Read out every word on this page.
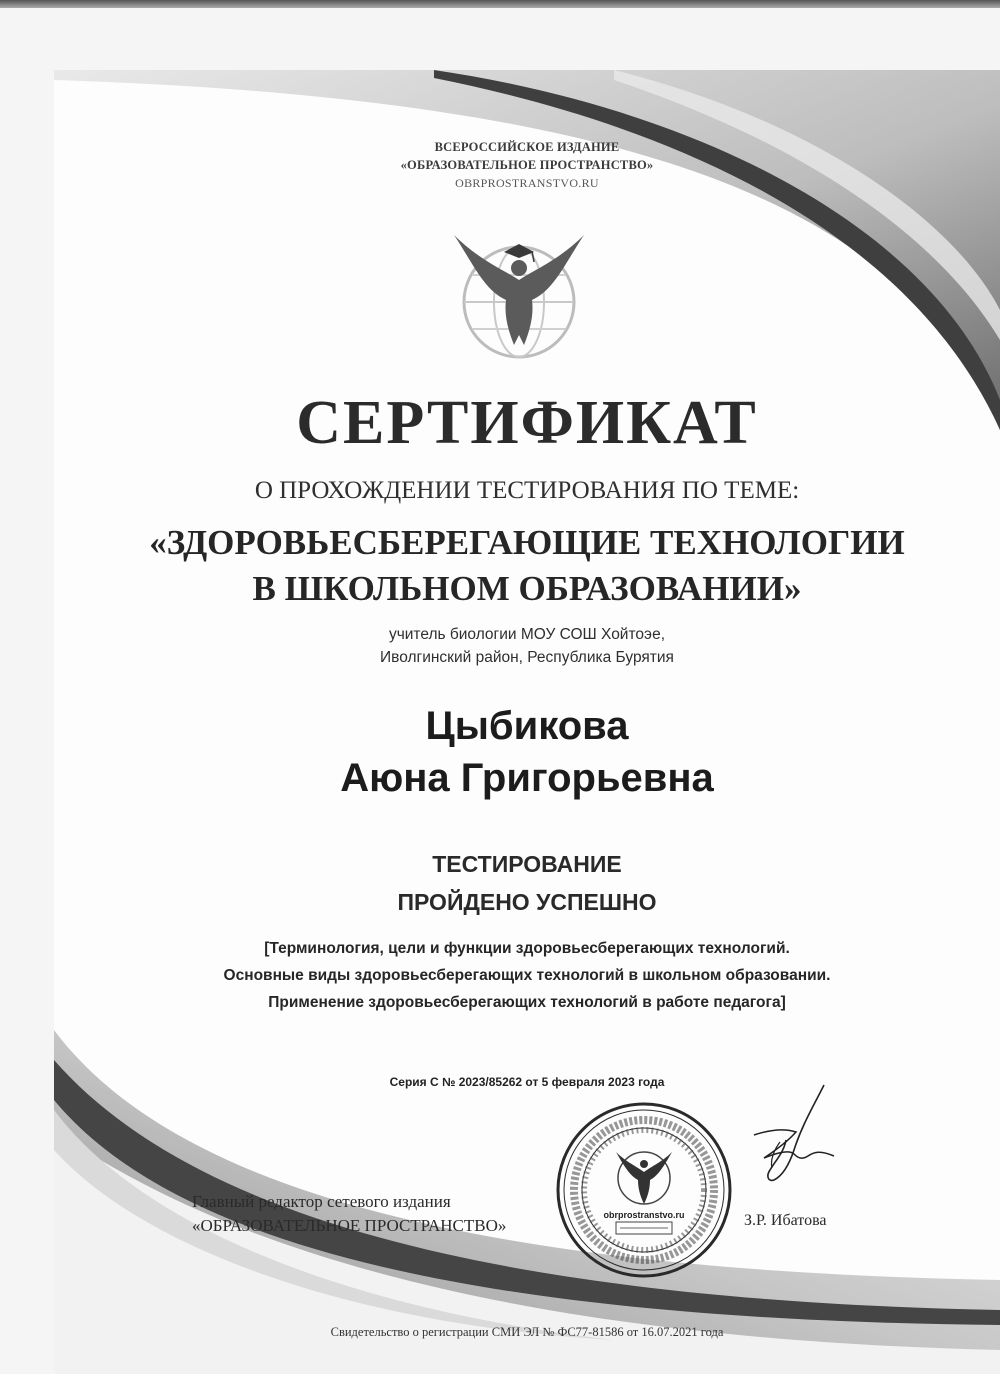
ВСЕРОССИЙСКОЕ ИЗДАНИЕ
«ОБРАЗОВАТЕЛЬНОЕ ПРОСТРАНСТВО»
OBRPROSTRANSTVO.RU
СЕРТИФИКАТ
О ПРОХОЖДЕНИИ ТЕСТИРОВАНИЯ ПО ТЕМЕ:
«ЗДОРОВЬЕСБЕРЕГАЮЩИЕ ТЕХНОЛОГИИ
В ШКОЛЬНОМ ОБРАЗОВАНИИ»
учитель биологии МОУ СОШ Хойтоэе,
Иволгинский район, Республика Бурятия
Цыбикова
Аюна Григорьевна
ТЕСТИРОВАНИЕ
ПРОЙДЕНО УСПЕШНО
[Терминология, цели и функции здоровьесберегающих технологий.
Основные виды здоровьесберегающих технологий в школьном образовании.
Применение здоровьесберегающих технологий в работе педагога]
Серия С № 2023/85262 от 5 февраля 2023 года
Главный редактор сетевого издания
«ОБРАЗОВАТЕЛЬНОЕ ПРОСТРАНСТВО»
obrprostranstvo.ru	З.Р. Ибатова
Свидетельство о регистрации СМИ ЭЛ № ФС77-81586 от 16.07.2021 года
